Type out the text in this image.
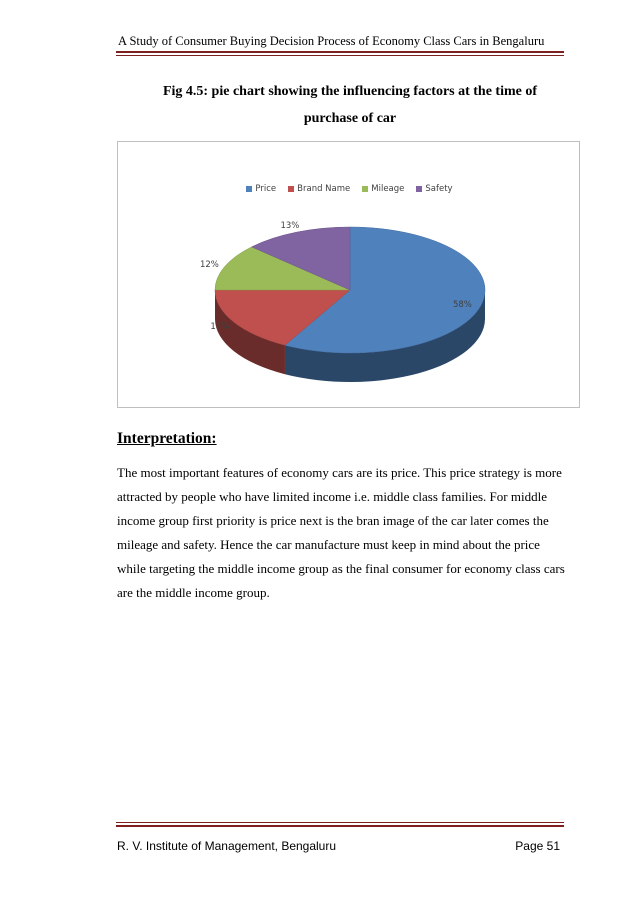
A Study of Consumer Buying Decision Process of Economy Class Cars in Bengaluru
Fig 4.5: pie chart showing the influencing factors at the time of
purchase of car
Price Brand Name Mileage Safety
58%
17%
12%
13%
Interpretation:
The most important features of economy cars are its price. This price strategy is more
attracted by people who have limited income i.e. middle class families. For middle
income group first priority is price next is the bran image of the car later comes the
mileage and safety. Hence the car manufacture must keep in mind about the price
while targeting the middle income group as the final consumer for economy class cars
are the middle income group.
R. V. Institute of Management, Bengaluru	Page 51
